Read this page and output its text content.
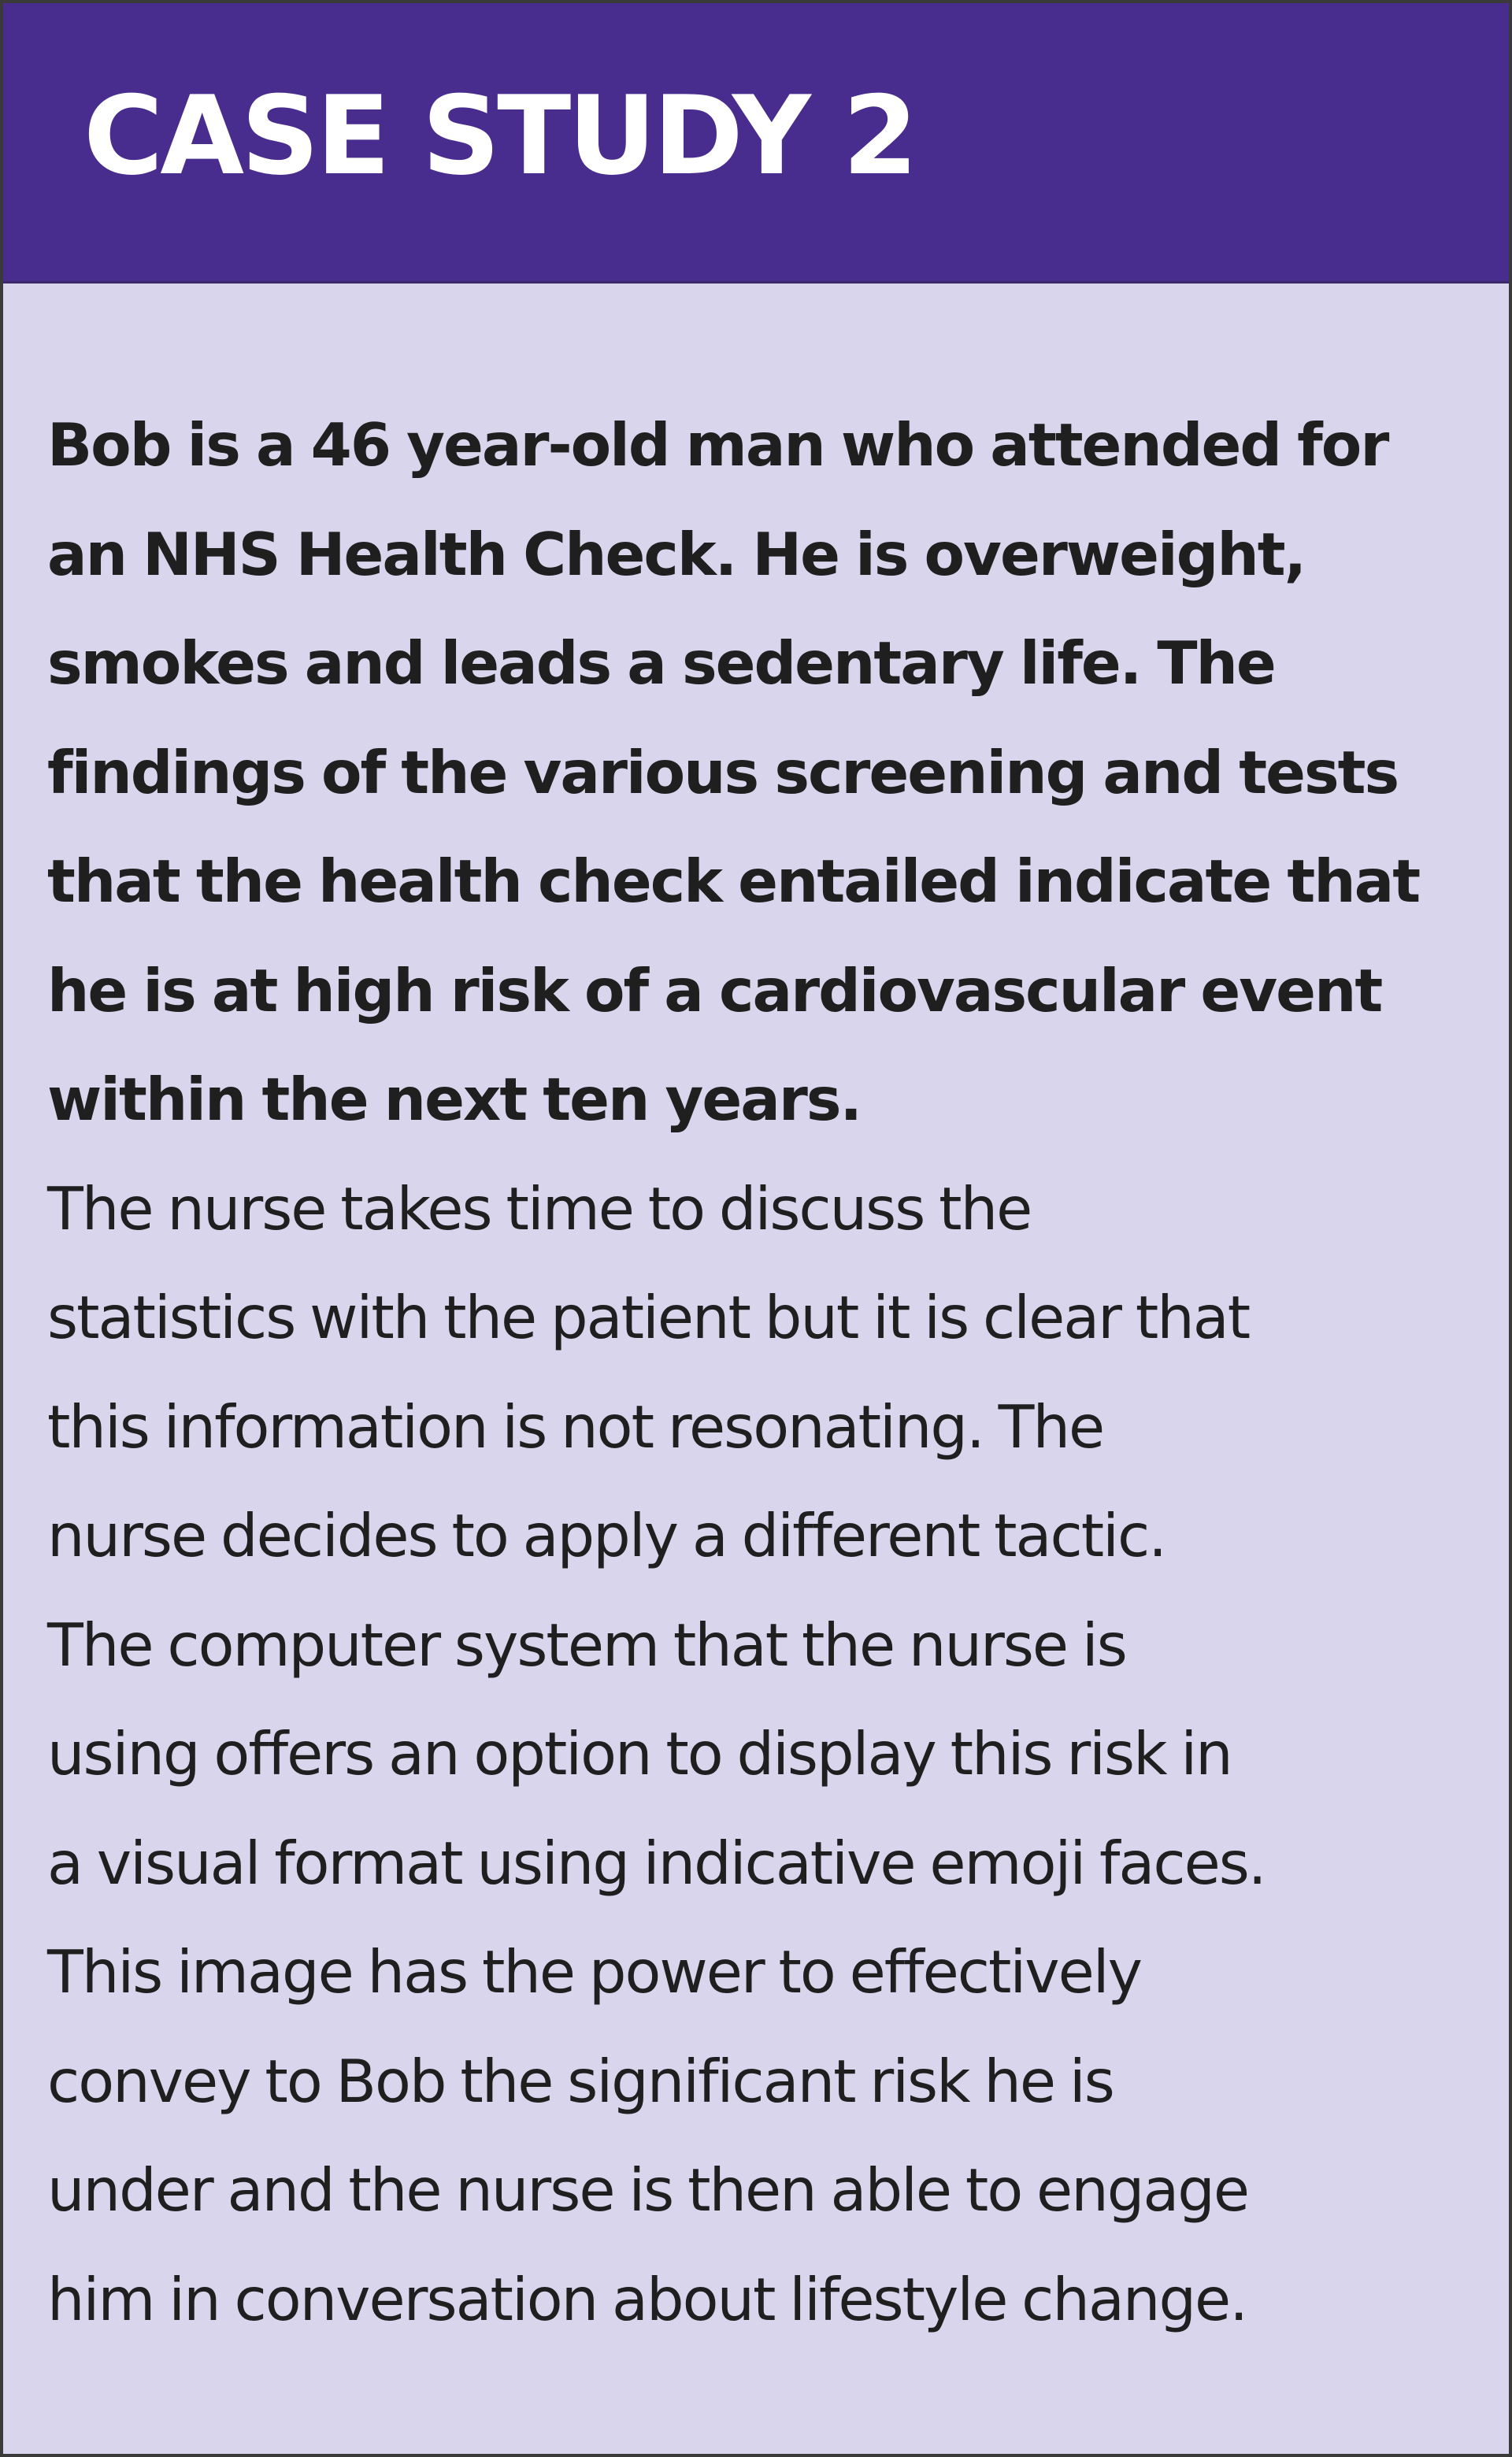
CASE STUDY 2
Bob is a 46 year-old man who attended for
an NHS Health Check. He is overweight,
smokes and leads a sedentary life. The
findings of the various screening and tests
that the health check entailed indicate that
he is at high risk of a cardiovascular event
within the next ten years.
The nurse takes time to discuss the
statistics with the patient but it is clear that
this information is not resonating. The
nurse decides to apply a different tactic.
The computer system that the nurse is
using offers an option to display this risk in
a visual format using indicative emoji faces.
This image has the power to effectively
convey to Bob the significant risk he is
under and the nurse is then able to engage
him in conversation about lifestyle change.
